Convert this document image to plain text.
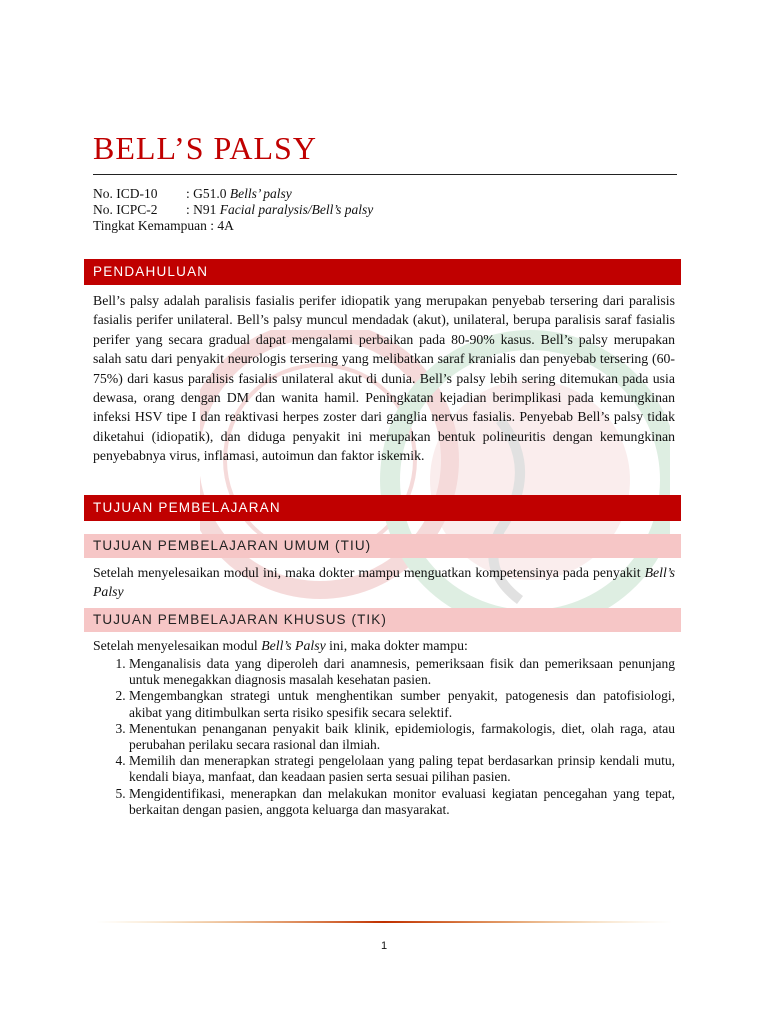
BELL’S PALSY
No. ICD-10 : G51.0 Bells’ palsy
No. ICPC-2 : N91 Facial paralysis/Bell’s palsy
Tingkat Kemampuan : 4A
PENDAHULUAN
Bell’s palsy adalah paralisis fasialis perifer idiopatik yang merupakan penyebab tersering dari paralisis fasialis perifer unilateral. Bell’s palsy muncul mendadak (akut), unilateral, berupa paralisis saraf fasialis perifer yang secara gradual dapat mengalami perbaikan pada 80-90% kasus. Bell’s palsy merupakan salah satu dari penyakit neurologis tersering yang melibatkan saraf kranialis dan penyebab tersering (60-75%) dari kasus paralisis fasialis unilateral akut di dunia. Bell’s palsy lebih sering ditemukan pada usia dewasa, orang dengan DM dan wanita hamil. Peningkatan kejadian berimplikasi pada kemungkinan infeksi HSV tipe I dan reaktivasi herpes zoster dari ganglia nervus fasialis. Penyebab Bell’s palsy tidak diketahui (idiopatik), dan diduga penyakit ini merupakan bentuk polineuritis dengan kemungkinan penyebabnya virus, inflamasi, autoimun dan faktor iskemik.
TUJUAN PEMBELAJARAN
TUJUAN PEMBELAJARAN UMUM (TIU)
Setelah menyelesaikan modul ini, maka dokter mampu menguatkan kompetensinya pada penyakit Bell’s Palsy
TUJUAN PEMBELAJARAN KHUSUS (TIK)
Setelah menyelesaikan modul Bell’s Palsy ini, maka dokter mampu:
1. Menganalisis data yang diperoleh dari anamnesis, pemeriksaan fisik dan pemeriksaan penunjang untuk menegakkan diagnosis masalah kesehatan pasien.
2. Mengembangkan strategi untuk menghentikan sumber penyakit, patogenesis dan patofisiologi, akibat yang ditimbulkan serta risiko spesifik secara selektif.
3. Menentukan penanganan penyakit baik klinik, epidemiologis, farmakologis, diet, olah raga, atau perubahan perilaku secara rasional dan ilmiah.
4. Memilih dan menerapkan strategi pengelolaan yang paling tepat berdasarkan prinsip kendali mutu, kendali biaya, manfaat, dan keadaan pasien serta sesuai pilihan pasien.
5. Mengidentifikasi, menerapkan dan melakukan monitor evaluasi kegiatan pencegahan yang tepat, berkaitan dengan pasien, anggota keluarga dan masyarakat.
1
